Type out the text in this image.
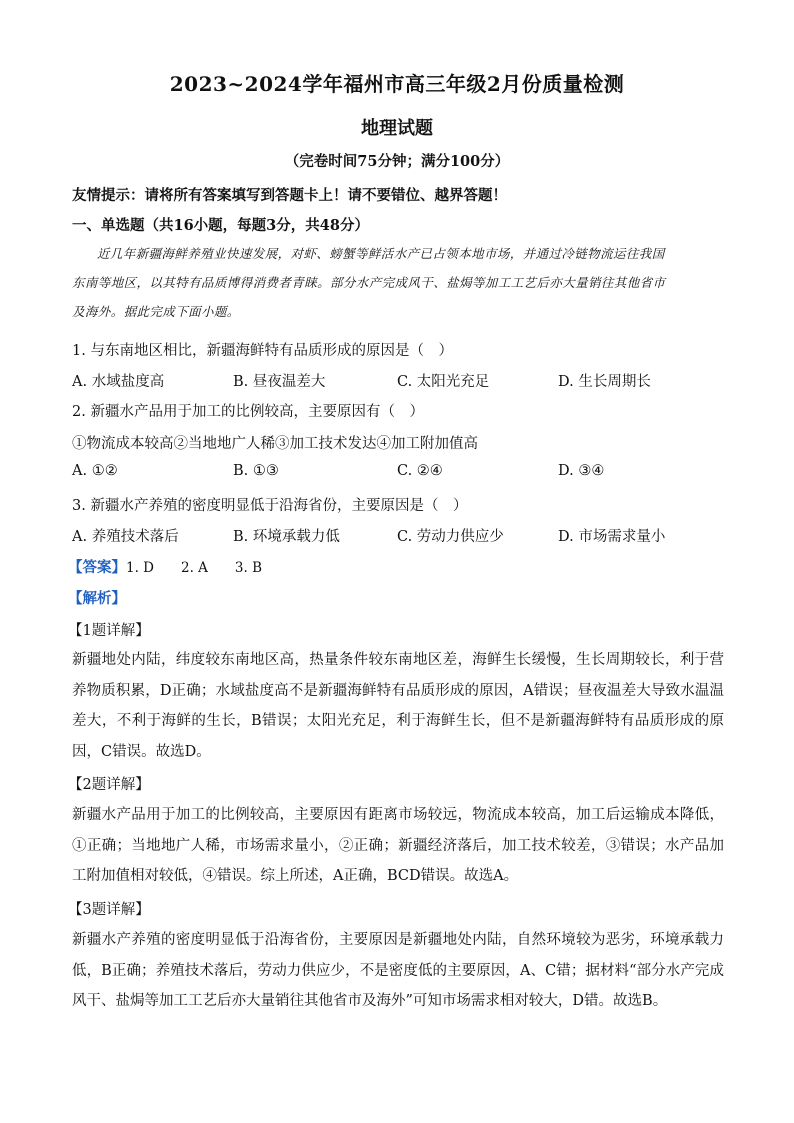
2023~2024学年福州市高三年级2月份质量检测
地理试题
（完卷时间75分钟；满分100分）
友情提示：请将所有答案填写到答题卡上！请不要错位、越界答题！
一、单选题（共16小题，每题3分，共48分）
近几年新疆海鲜养殖业快速发展，对虾、螃蟹等鲜活水产已占领本地市场，并通过冷链物流运往我国
东南等地区，以其特有品质博得消费者青睐。部分水产完成风干、盐焗等加工工艺后亦大量销往其他省市
及海外。据此完成下面小题。
1. 与东南地区相比，新疆海鲜特有品质形成的原因是（　）
A. 水域盐度高	B. 昼夜温差大	C. 太阳光充足	D. 生长周期长
2. 新疆水产品用于加工的比例较高，主要原因有（　）
①物流成本较高②当地地广人稀③加工技术发达④加工附加值高
A. ①②	B. ①③	C. ②④	D. ③④
3. 新疆水产养殖的密度明显低于沿海省份，主要原因是（　）
A. 养殖技术落后	B. 环境承载力低	C. 劳动力供应少	D. 市场需求量小
【答案】1. D　　2. A　　3. B
【解析】
【1题详解】
新疆地处内陆，纬度较东南地区高，热量条件较东南地区差，海鲜生长缓慢，生长周期较长，利于营养物质积累，D正确；水域盐度高不是新疆海鲜特有品质形成的原因，A错误；昼夜温差大导致水温温差大，不利于海鲜的生长，B错误；太阳光充足，利于海鲜生长，但不是新疆海鲜特有品质形成的原因，C错误。故选D。
【2题详解】
新疆水产品用于加工的比例较高，主要原因有距离市场较远，物流成本较高，加工后运输成本降低，①正确；当地地广人稀，市场需求量小，②正确；新疆经济落后，加工技术较差，③错误；水产品加工附加值相对较低，④错误。综上所述，A正确，BCD错误。故选A。
【3题详解】
新疆水产养殖的密度明显低于沿海省份，主要原因是新疆地处内陆，自然环境较为恶劣，环境承载力低，B正确；养殖技术落后，劳动力供应少，不是密度低的主要原因，A、C错；据材料“部分水产完成风干、盐焗等加工工艺后亦大量销往其他省市及海外”可知市场需求相对较大，D错。故选B。
